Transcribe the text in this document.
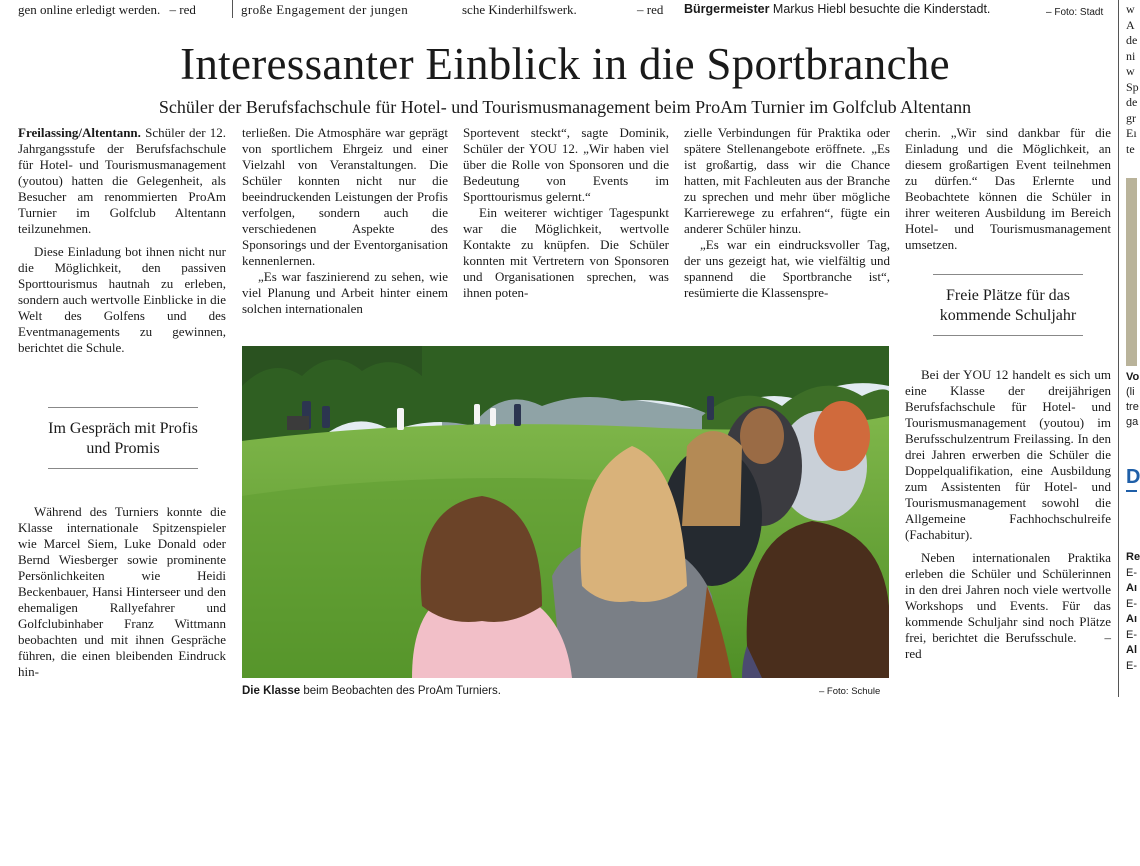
gen online erledigt werden. – red	große Engagement der jungen	sche Kinderhilfswerk.	– red Bürgermeister Markus Hiebl besuchte die Kinderstadt.	– Foto: Stadt
Interessanter Einblick in die Sportbranche
Schüler der Berufsfachschule für Hotel- und Tourismusmanagement beim ProAm Turnier im Golfclub Altentann

Freilassing/Altentann. Schüler der 12. Jahrgangsstufe der Berufsfachschule für Hotel- und Tourismusmanagement (youtou) hatten die Gelegenheit, als Besucher am renommierten ProAm Turnier im Golfclub Altentann teilzunehmen.

Diese Einladung bot ihnen nicht nur die Möglichkeit, den passiven Sporttourismus hautnah zu erleben, sondern auch wertvolle Einblicke in die Welt des Golfens und des Eventmanagements zu gewinnen, berichtet die Schule.

Im Gespräch mit Profis und Promis

Während des Turniers konnte die Klasse internationale Spitzenspieler wie Marcel Siem, Luke Donald oder Bernd Wiesberger sowie prominente Persönlichkeiten wie Heidi Beckenbauer, Hansi Hinterseer und den ehemaligen Rallyefahrer und Golfclubinhaber Franz Wittmann beobachten und mit ihnen Gespräche führen, die einen bleibenden Eindruck hin-

terließen. Die Atmosphäre war geprägt von sportlichem Ehrgeiz und einer Vielzahl von Veranstaltungen. Die Schüler konnten nicht nur die beeindruckenden Leistungen der Profis verfolgen, sondern auch die verschiedenen Aspekte des Sponsorings und der Eventorganisation kennenlernen.

„Es war faszinierend zu sehen, wie viel Planung und Arbeit hinter einem solchen internationalen

Sportevent steckt“, sagte Dominik, Schüler der YOU 12. „Wir haben viel über die Rolle von Sponsoren und die Bedeutung von Events im Sporttourismus gelernt.“

Ein weiterer wichtiger Tagespunkt war die Möglichkeit, wertvolle Kontakte zu knüpfen. Die Schüler konnten mit Vertretern von Sponsoren und Organisationen sprechen, was ihnen poten-

zielle Verbindungen für Praktika oder spätere Stellenangebote eröffnete. „Es ist großartig, dass wir die Chance hatten, mit Fachleuten aus der Branche zu sprechen und mehr über mögliche Karrierewege zu erfahren“, fügte ein anderer Schüler hinzu.

„Es war ein eindrucksvoller Tag, der uns gezeigt hat, wie vielfältig und spannend die Sportbranche ist“, resümierte die Klassenspre-

cherin. „Wir sind dankbar für die Einladung und die Möglichkeit, an diesem großartigen Event teilnehmen zu dürfen.“ Das Erlernte und Beobachtete können die Schüler in ihrer weiteren Ausbildung im Bereich Hotel- und Tourismusmanagement umsetzen.

Freie Plätze für das kommende Schuljahr

Bei der YOU 12 handelt es sich um eine Klasse der dreijährigen Berufsfachschule für Hotel- und Tourismusmanagement (youtou) im Berufsschulzentrum Freilassing. In den drei Jahren erwerben die Schüler die Doppelqualifikation, eine Ausbildung zum Assistenten für Hotel- und Tourismusmanagement sowohl die Allgemeine Fachhochschulreife (Fachabitur).

Neben internationalen Praktika erleben die Schüler und Schülerinnen in den drei Jahren noch viele wertvolle Workshops und Events. Für das kommende Schuljahr sind noch Plätze frei, berichtet die Berufsschule. – red

Die Klasse beim Beobachten des ProAm Turniers.	– Foto: Schule
w
A
de
ni
w
Sp
de
gr
Eı
te
Vo
(li
tre
ga
D
Re
E-
Aı
E-
Aı
E-
Al
E-
